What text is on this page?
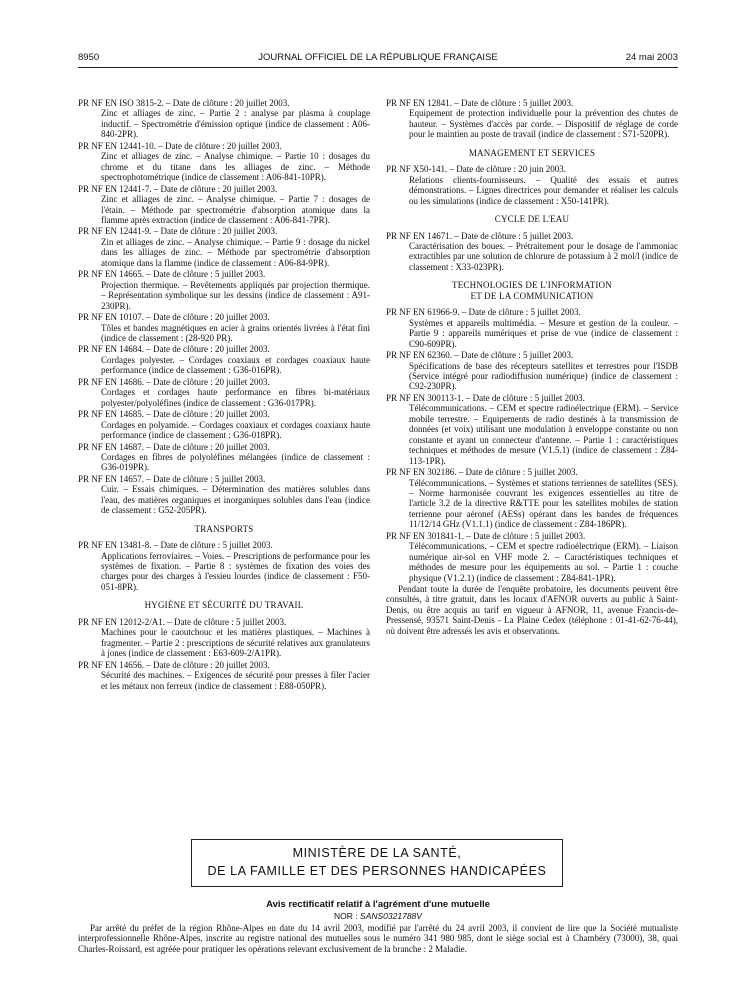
8950	JOURNAL OFFICIEL DE LA RÉPUBLIQUE FRANÇAISE	24 mai 2003
PR NF EN ISO 3815-2. – Date de clôture : 20 juillet 2003.
Zinc et alliages de zinc. – Partie 2 : analyse par plasma à couplage inductif. – Spectrométrie d'émission optique (indice de classement : A06-840-2PR).
PR NF EN 12441-10. – Date de clôture : 20 juillet 2003.
Zinc et alliages de zinc. – Analyse chimique. – Partie 10 : dosages du chrome et du titane dans les alliages de zinc. – Méthode spectrophotométrique (indice de classement : A06-841-10PR).
PR NF EN 12441-7. – Date de clôture : 20 juillet 2003.
Zinc et alliages de zinc. – Analyse chimique. – Partie 7 : dosages de l'étain. – Méthode par spectrométrie d'absorption atomique dans la flamme après extraction (indice de classement : A06-841-7PR).
PR NF EN 12441-9. – Date de clôture : 20 juillet 2003.
Zin et alliages de zinc. – Analyse chimique. – Partie 9 : dosage du nickel dans les alliages de zinc. – Méthode par spectrométrie d'absorption atomique dans la flamme (indice de classement : A06-84-9PR).
PR NF EN 14665. – Date de clôture : 5 juillet 2003.
Projection thermique. – Revêtements appliqués par projection thermique. – Représentation symbolique sur les dessins (indice de classement : A91-230PR).
PR NF EN 10107. – Date de clôture : 20 juillet 2003.
Tôles et bandes magnétiques en acier à grains orientés livrées à l'état fini (indice de classement : (28-920 PR).
PR NF EN 14684. – Date de clôture : 20 juillet 2003.
Cordages polyester. – Cordages coaxiaux et cordages coaxiaux haute performance (indice de classement : G36-016PR).
PR NF EN 14686. – Date de clôture : 20 juillet 2003.
Cordages et cordages haute performance en fibres bi-matériaux polyester/polyoléfines (indice de classement : G36-017PR).
PR NF EN 14685. – Date de clôture : 20 juillet 2003.
Cordages en polyamide. – Cordages coaxiaux et cordages coaxiaux haute performance (indice de classement : G36-018PR).
PR NF EN 14687. – Date de clôture : 20 juillet 2003.
Cordages en fibres de polyoléfines mélangées (indice de classement : G36-019PR).
PR NF EN 14657. – Date de clôture : 5 juillet 2003.
Cuir. – Essais chimiques. – Détermination des matières solubles dans l'eau, des matières organiques et inorganiques solubles dans l'eau (indice de classement : G52-205PR).
TRANSPORTS
PR NF EN 13481-8. – Date de clôture : 5 juillet 2003.
Applications ferroviaires. – Voies. – Prescriptions de performance pour les systèmes de fixation. – Partie 8 : systèmes de fixation des voies des charges pour des charges à l'essieu lourdes (indice de classement : F50-051-8PR).
HYGIÈNE ET SÉCURITÉ DU TRAVAIL
PR NF EN 12012-2/A1. – Date de clôture : 5 juillet 2003.
Machines pour le caoutchouc et les matières plastiques. – Machines à fragmenter. – Partie 2 : prescriptions de sécurité relatives aux granulateurs à jones (indice de classement : E63-609-2/A1PR).
PR NF EN 14656. – Date de clôture : 20 juillet 2003.
Sécurité des machines. – Exigences de sécurité pour presses à filer l'acier et les métaux non ferreux (indice de classement : E88-050PR).
PR NF EN 12841. – Date de clôture : 5 juillet 2003.
Equipement de protection individuelle pour la prévention des chutes de hauteur. – Systèmes d'accès par corde. – Dispositif de réglage de corde pour le maintien au poste de travail (indice de classement : S71-520PR).
MANAGEMENT ET SERVICES
PR NF X50-141. – Date de clôture : 20 juin 2003.
Relations clients-fournisseurs. – Qualité des essais et autres démonstrations. – Lignes directrices pour demander et réaliser les calculs ou les simulations (indice de classement : X50-141PR).
CYCLE DE L'EAU
PR NF EN 14671. – Date de clôture : 5 juillet 2003.
Caractérisation des boues. – Prétraitement pour le dosage de l'ammoniac extractibles par une solution de chlorure de potassium à 2 mol/l (indice de classement : X33-023PR).
TECHNOLOGIES DE L'INFORMATION
ET DE LA COMMUNICATION
PR NF EN 61966-9. – Date de clôture : 5 juillet 2003.
Systèmes et appareils multimédia. – Mesure et gestion de la couleur. – Partie 9 : appareils numériques et prise de vue (indice de classement : C90-609PR).
PR NF EN 62360. – Date de clôture : 5 juillet 2003.
Spécifications de base des récepteurs satellites et terrestres pour l'ISDB (Service intégré pour radiodiffusion numérique) (indice de classement : C92-230PR).
PR NF EN 300113-1. – Date de clôture : 5 juillet 2003.
Télécommunications. – CEM et spectre radioélectrique (ERM). – Service mobile terrestre. – Equipements de radio destinés à la transmission de données (et voix) utilisant une modulation à enveloppe constante ou non constante et ayant un connecteur d'antenne. – Partie 1 : caractéristiques techniques et méthodes de mesure (V1.5.1) (indice de classement : Z84-113-1PR).
PR NF EN 302186. – Date de clôture : 5 juillet 2003.
Télécommunications. – Systèmes et stations terriennes de satellites (SES). – Norme harmonisée couvrant les exigences essentielles au titre de l'article 3.2 de la directive R&TTE pour les satellites mobiles de station terrienne pour aéronef (AESs) opérant dans les bandes de fréquences 11/12/14 GHz (V1.1.1) (indice de classement : Z84-186PR).
PR NF EN 301841-1. – Date de clôture : 5 juillet 2003.
Télécommunications. – CEM et spectre radioélectrique (ERM). – Liaison numérique air-sol en VHF mode 2. – Caractéristiques techniques et méthodes de mesure pour les équipements au sol. – Partie 1 : couche physique (V1.2.1) (indice de classement : Z84-841-1PR).
Pendant toute la durée de l'enquête probatoire, les documents peuvent être consultés, à titre gratuit, dans les locaux d'AFNOR ouverts au public à Saint-Denis, ou être acquis au tarif en vigueur à AFNOR, 11, avenue Francis-de-Pressensé, 93571 Saint-Denis - La Plaine Cedex (téléphone : 01-41-62-76-44), où doivent être adressés les avis et observations.
MINISTÈRE DE LA SANTÉ,
DE LA FAMILLE ET DES PERSONNES HANDICAPÉES
Avis rectificatif relatif à l'agrément d'une mutuelle
NOR : SANS0321788V
Par arrêté du préfet de la région Rhône-Alpes en date du 14 avril 2003, modifié par l'arrêté du 24 avril 2003, il convient de lire que la Société mutualiste interprofessionnelle Rhône-Alpes, inscrite au registre national des mutuelles sous le numéro 341 980 985, dont le siège social est à Chambéry (73000), 38, quai Charles-Roissard, est agréée pour pratiquer les opérations relevant exclusivement de la branche : 2 Maladie.
